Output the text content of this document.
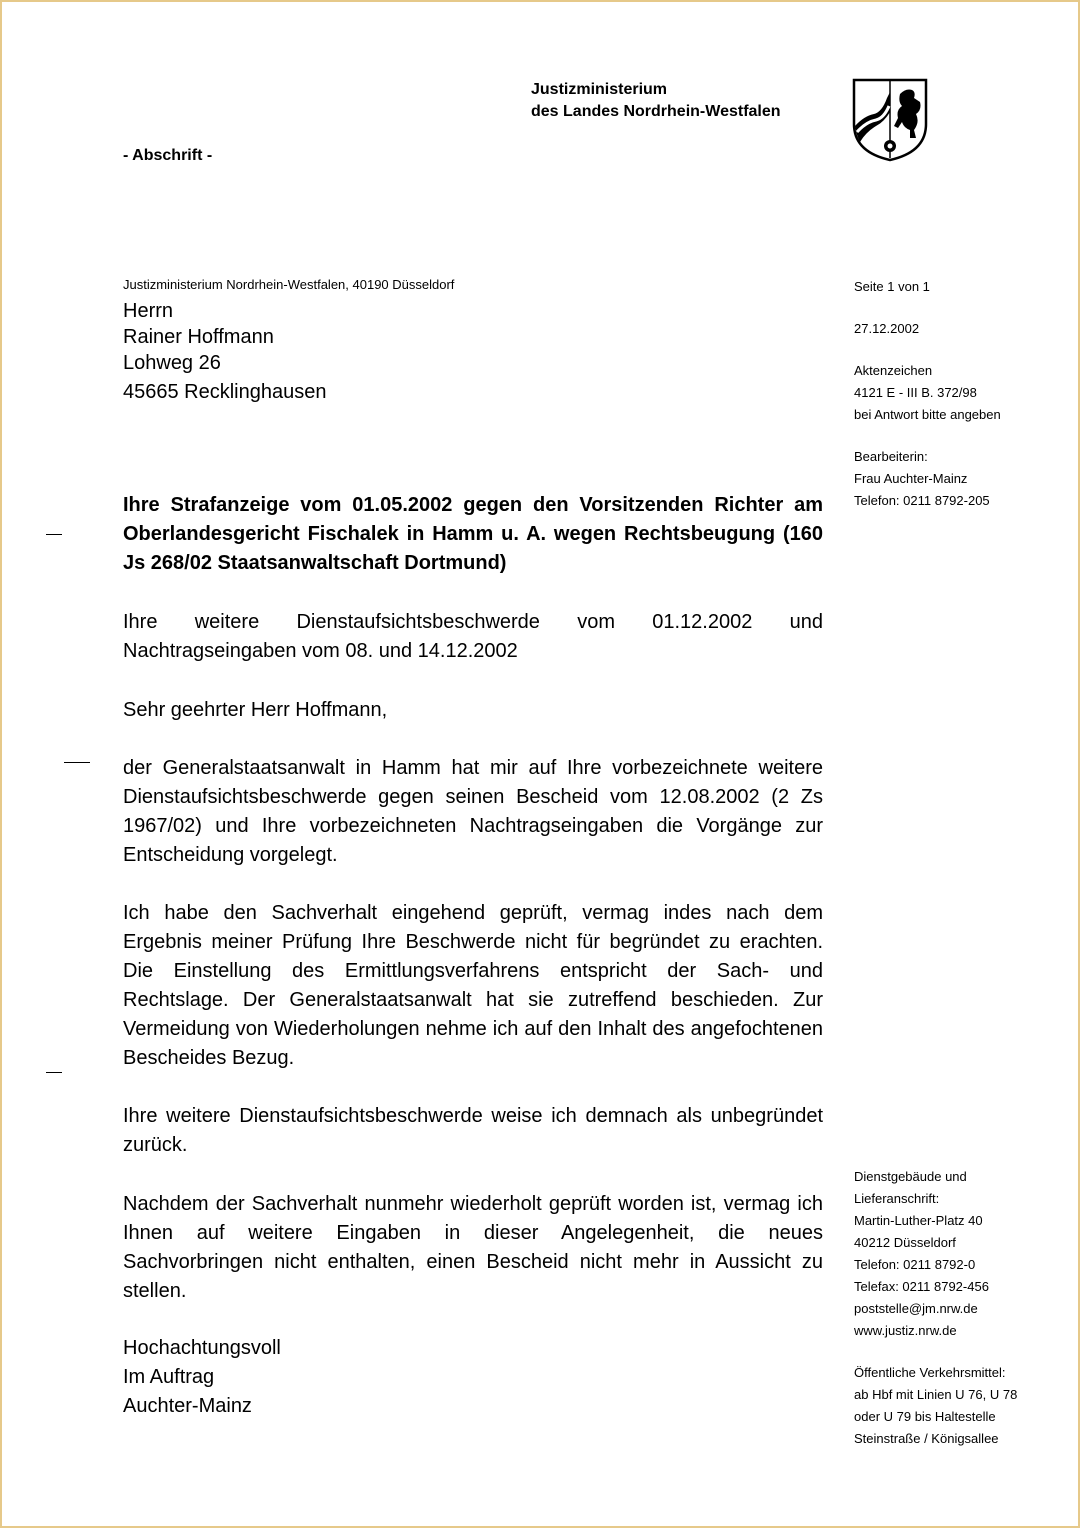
Justizministerium
des Landes Nordrhein-Westfalen
- Abschrift -
Justizministerium Nordrhein-Westfalen, 40190 Düsseldorf
Herrn
Rainer Hoffmann
Lohweg 26
45665 Recklinghausen
Seite 1 von 1
27.12.2002
Aktenzeichen
4121 E - III B. 372/98
bei Antwort bitte angeben
Bearbeiterin:
Frau Auchter-Mainz
Telefon: 0211 8792-205
Dienstgebäude und
Lieferanschrift:
Martin-Luther-Platz 40
40212 Düsseldorf
Telefon: 0211 8792-0
Telefax: 0211 8792-456
poststelle@jm.nrw.de
www.justiz.nrw.de
Öffentliche Verkehrsmittel:
ab Hbf mit Linien U 76, U 78
oder U 79 bis Haltestelle
Steinstraße / Königsallee
Ihre Strafanzeige vom 01.05.2002 gegen den Vorsitzenden Richter am Oberlandesgericht Fischalek in Hamm u. A. wegen Rechtsbeugung (160 Js 268/02 Staatsanwaltschaft Dortmund)
Ihre weitere Dienstaufsichtsbeschwerde vom 01.12.2002 und Nachtragseingaben vom 08. und 14.12.2002
Sehr geehrter Herr Hoffmann,
der Generalstaatsanwalt in Hamm hat mir auf Ihre vorbezeichnete weitere Dienstaufsichtsbeschwerde gegen seinen Bescheid vom 12.08.2002 (2 Zs 1967/02) und Ihre vorbezeichneten Nachtragseingaben die Vorgänge zur Entscheidung vorgelegt.
Ich habe den Sachverhalt eingehend geprüft, vermag indes nach dem Ergebnis meiner Prüfung Ihre Beschwerde nicht für begründet zu erachten. Die Einstellung des Ermittlungsverfahrens entspricht der Sach- und Rechtslage. Der Generalstaatsanwalt hat sie zutreffend beschieden. Zur Vermeidung von Wiederholungen nehme ich auf den Inhalt des angefochtenen Bescheides Bezug.
Ihre weitere Dienstaufsichtsbeschwerde weise ich demnach als unbegründet zurück.
Nachdem der Sachverhalt nunmehr wiederholt geprüft worden ist, vermag ich Ihnen auf weitere Eingaben in dieser Angelegenheit, die neues Sachvorbringen nicht enthalten, einen Bescheid nicht mehr in Aussicht zu stellen.
Hochachtungsvoll
Im Auftrag
Auchter-Mainz
